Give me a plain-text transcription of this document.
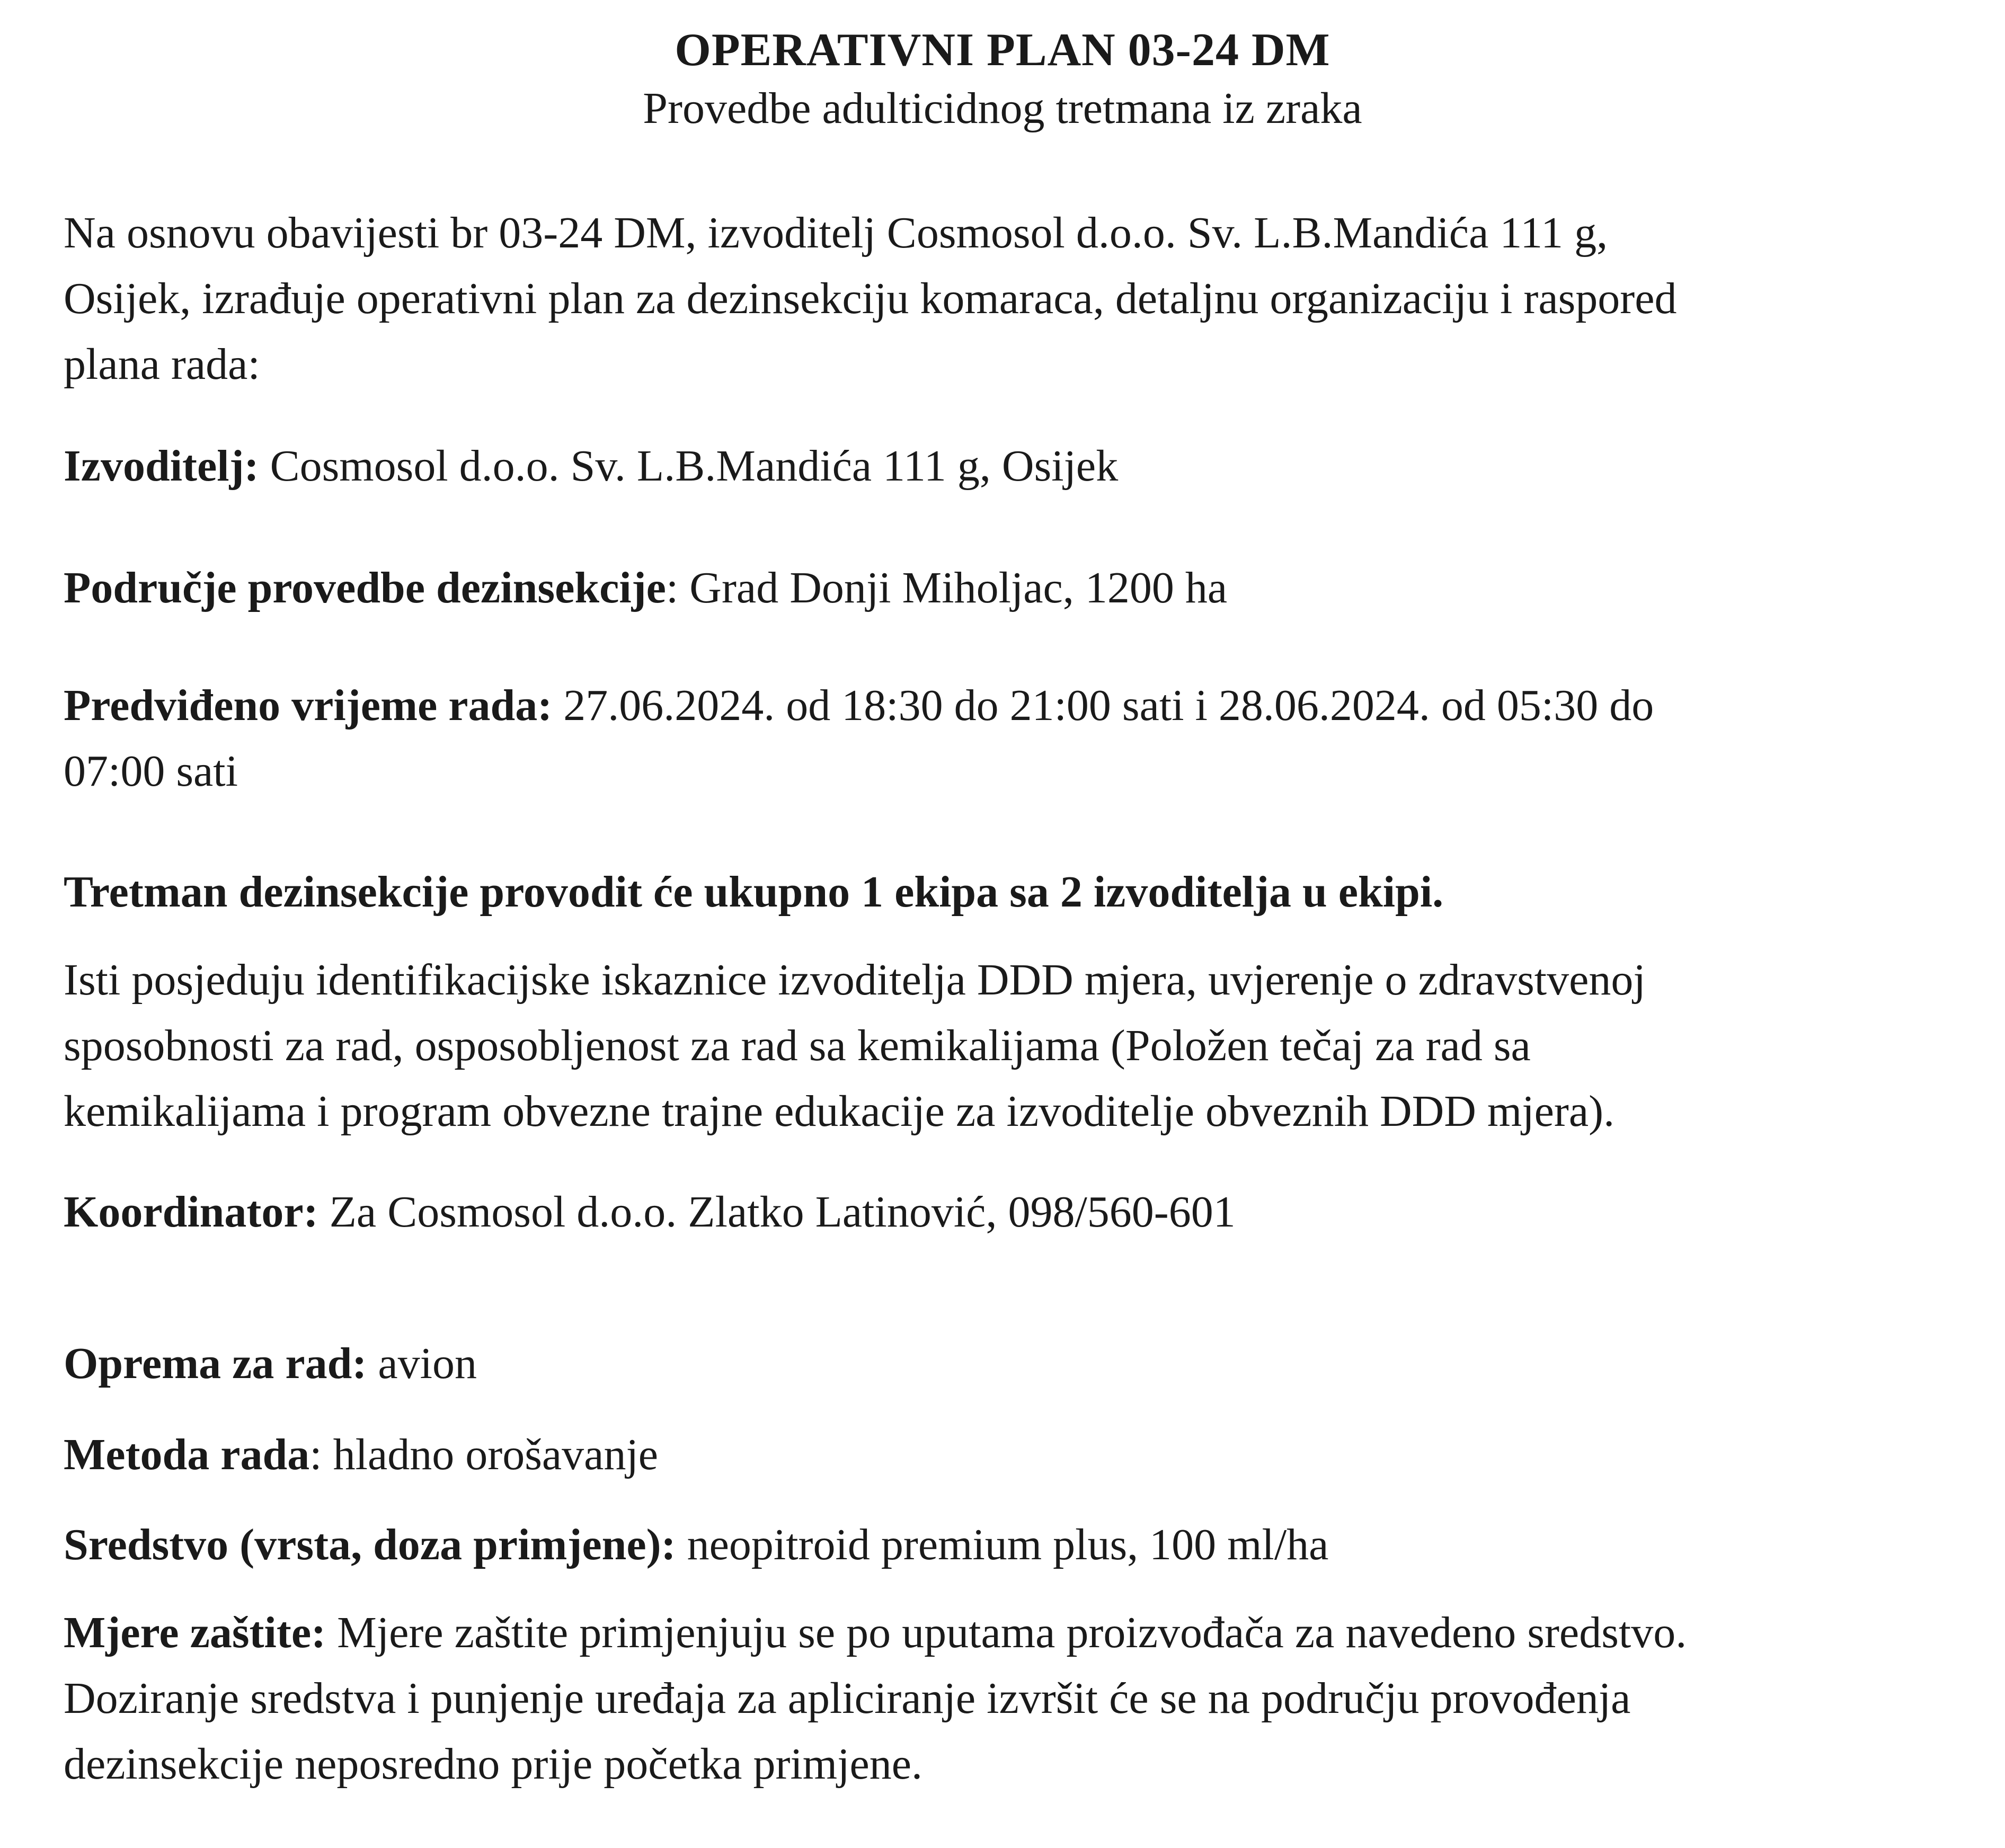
OPERATIVNI PLAN 03-24 DM
Provedbe adulticidnog tretmana iz zraka

Na osnovu obavijesti br 03-24 DM, izvoditelj Cosmosol d.o.o. Sv. L.B.Mandića 111 g,
Osijek, izrađuje operativni plan za dezinsekciju komaraca, detaljnu organizaciju i raspored
plana rada:

Izvoditelj: Cosmosol d.o.o. Sv. L.B.Mandića 111 g, Osijek

Područje provedbe dezinsekcije: Grad Donji Miholjac, 1200 ha

Predviđeno vrijeme rada: 27.06.2024. od 18:30 do 21:00 sati i 28.06.2024. od 05:30 do
07:00 sati

Tretman dezinsekcije provodit će ukupno 1 ekipa sa 2 izvoditelja u ekipi.

Isti posjeduju identifikacijske iskaznice izvoditelja DDD mjera, uvjerenje o zdravstvenoj
sposobnosti za rad, osposobljenost za rad sa kemikalijama (Položen tečaj za rad sa
kemikalijama i program obvezne trajne edukacije za izvoditelje obveznih DDD mjera).

Koordinator: Za Cosmosol d.o.o. Zlatko Latinović, 098/560-601

Oprema za rad: avion

Metoda rada: hladno orošavanje

Sredstvo (vrsta, doza primjene): neopitroid premium plus, 100 ml/ha

Mjere zaštite: Mjere zaštite primjenjuju se po uputama proizvođača za navedeno sredstvo.
Doziranje sredstva i punjenje uređaja za apliciranje izvršit će se na području provođenja
dezinsekcije neposredno prije početka primjene.
